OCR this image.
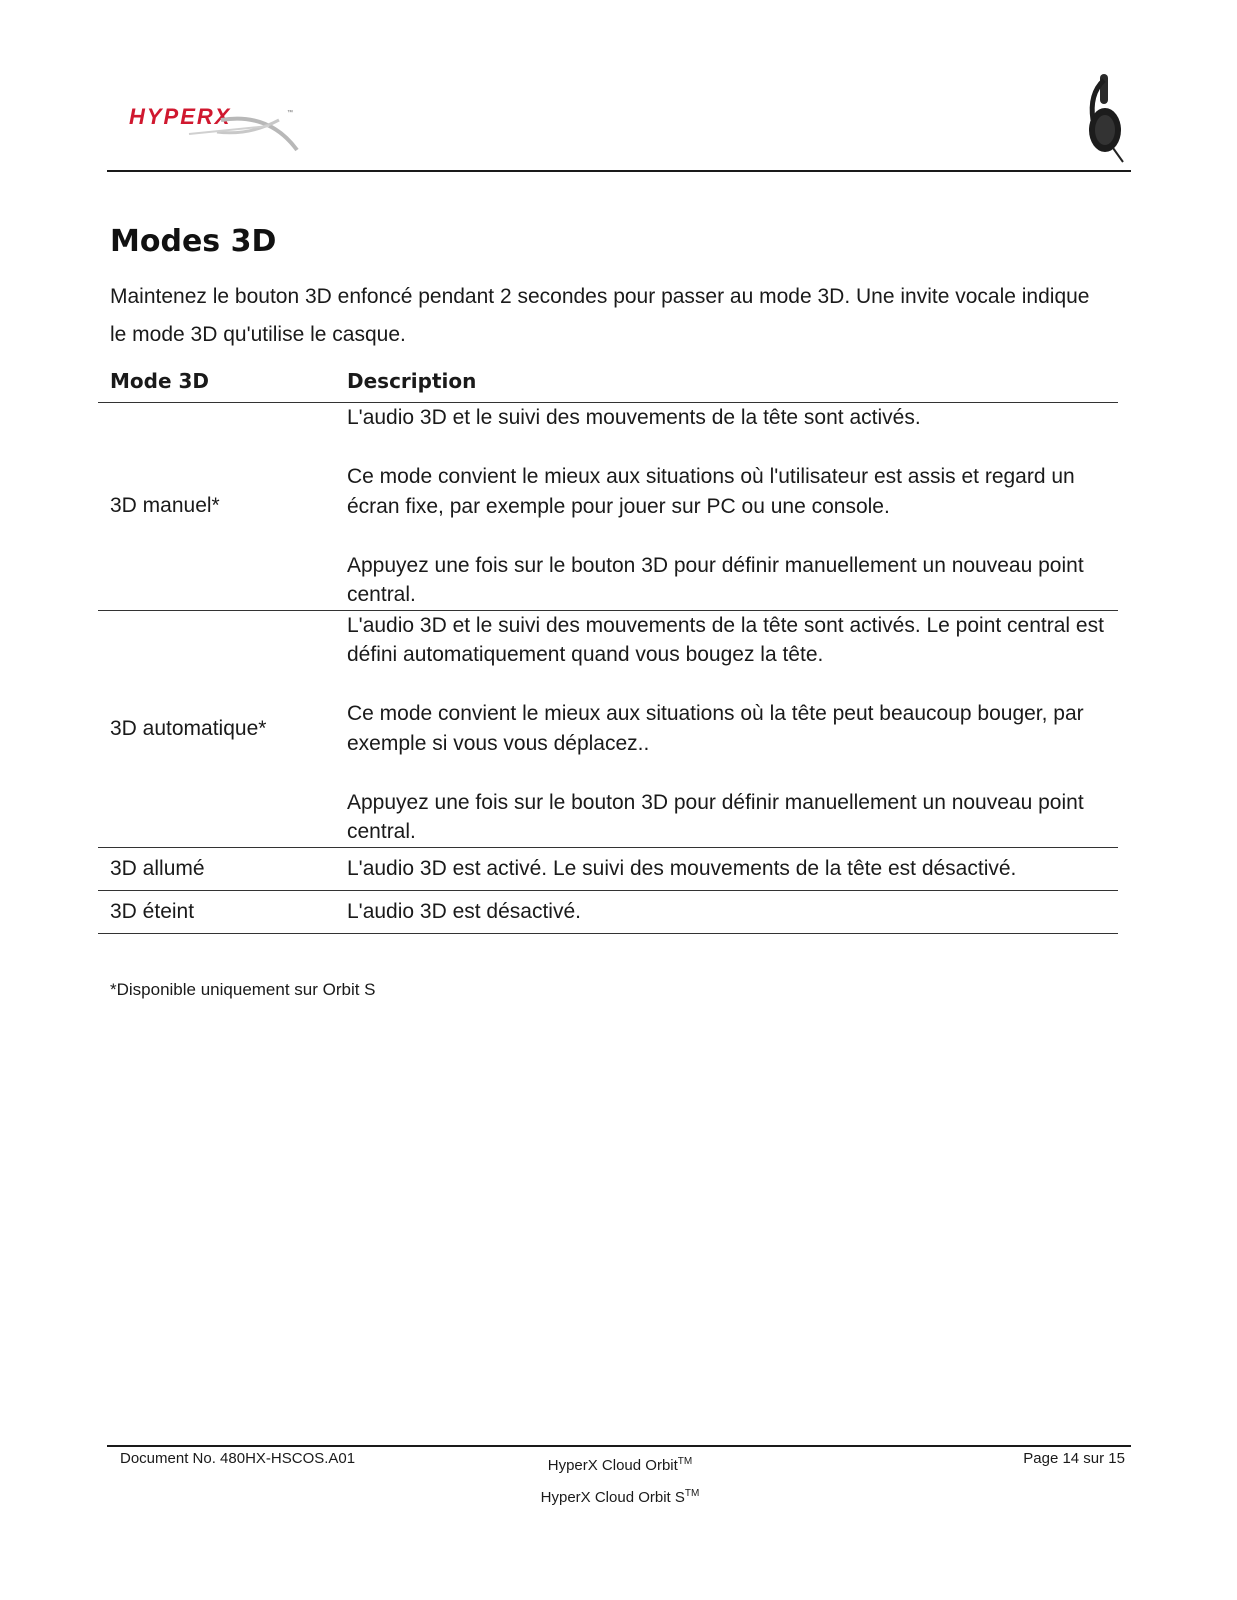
HYPERX	™
Modes 3D

Maintenez le bouton 3D enfoncé pendant 2 secondes pour passer au mode 3D. Une invite vocale indique le mode 3D qu'utilise le casque.

Mode 3D	Description
3D manuel*	L'audio 3D et le suivi des mouvements de la tête sont activés.

Ce mode convient le mieux aux situations où l'utilisateur est assis et regard un écran fixe, par exemple pour jouer sur PC ou une console.

Appuyez une fois sur le bouton 3D pour définir manuellement un nouveau point central.

3D automatique*	L'audio 3D et le suivi des mouvements de la tête sont activés. Le point central est défini automatiquement quand vous bougez la tête.

Ce mode convient le mieux aux situations où la tête peut beaucoup bouger, par exemple si vous vous déplacez..

Appuyez une fois sur le bouton 3D pour définir manuellement un nouveau point central.

3D allumé	L'audio 3D est activé. Le suivi des mouvements de la tête est désactivé.
3D éteint	L'audio 3D est désactivé.

*Disponible uniquement sur Orbit S

Document No. 480HX-HSCOS.A01	HyperX Cloud Orbit™
HyperX Cloud Orbit S™
Page 14 sur 15
